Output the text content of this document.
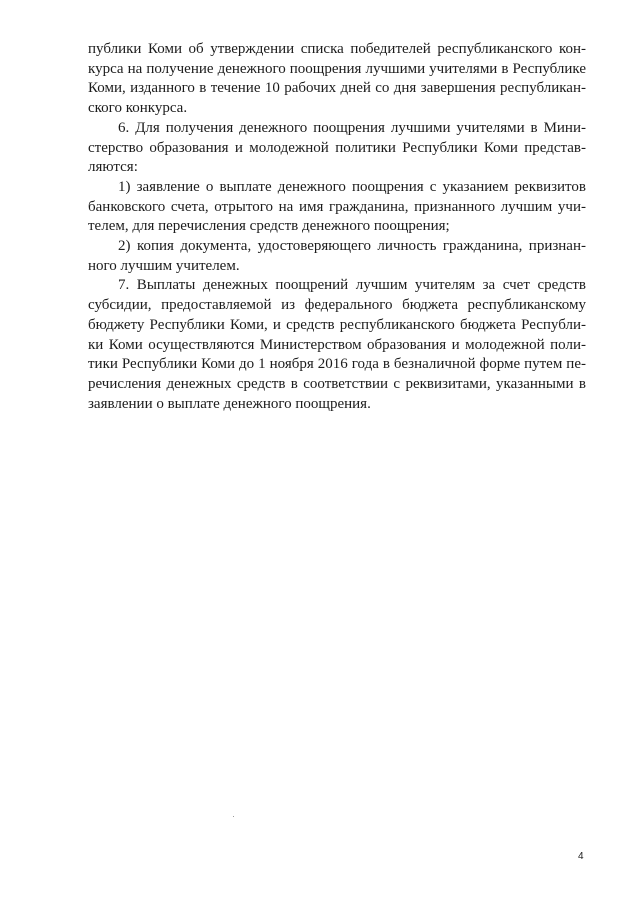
публики Коми об утверждении списка победителей республиканского конкурса на получение денежного поощрения лучшими учителями в Республике Коми, изданного в течение 10 рабочих дней со дня завершения республиканского конкурса.

6. Для получения денежного поощрения лучшими учителями в Министерство образования и молодежной политики Республики Коми представляются:

1) заявление о выплате денежного поощрения с указанием реквизитов банковского счета, отрытого на имя гражданина, признанного лучшим учителем, для перечисления средств денежного поощрения;

2) копия документа, удостоверяющего личность гражданина, признанного лучшим учителем.

7. Выплаты денежных поощрений лучшим учителям за счет средств субсидии, предоставляемой из федерального бюджета республиканскому бюджету Республики Коми, и средств республиканского бюджета Республики Коми осуществляются Министерством образования и молодежной политики Республики Коми до 1 ноября 2016 года в безналичной форме путем перечисления денежных средств в соответствии с реквизитами, указанными в заявлении о выплате денежного поощрения.

4
